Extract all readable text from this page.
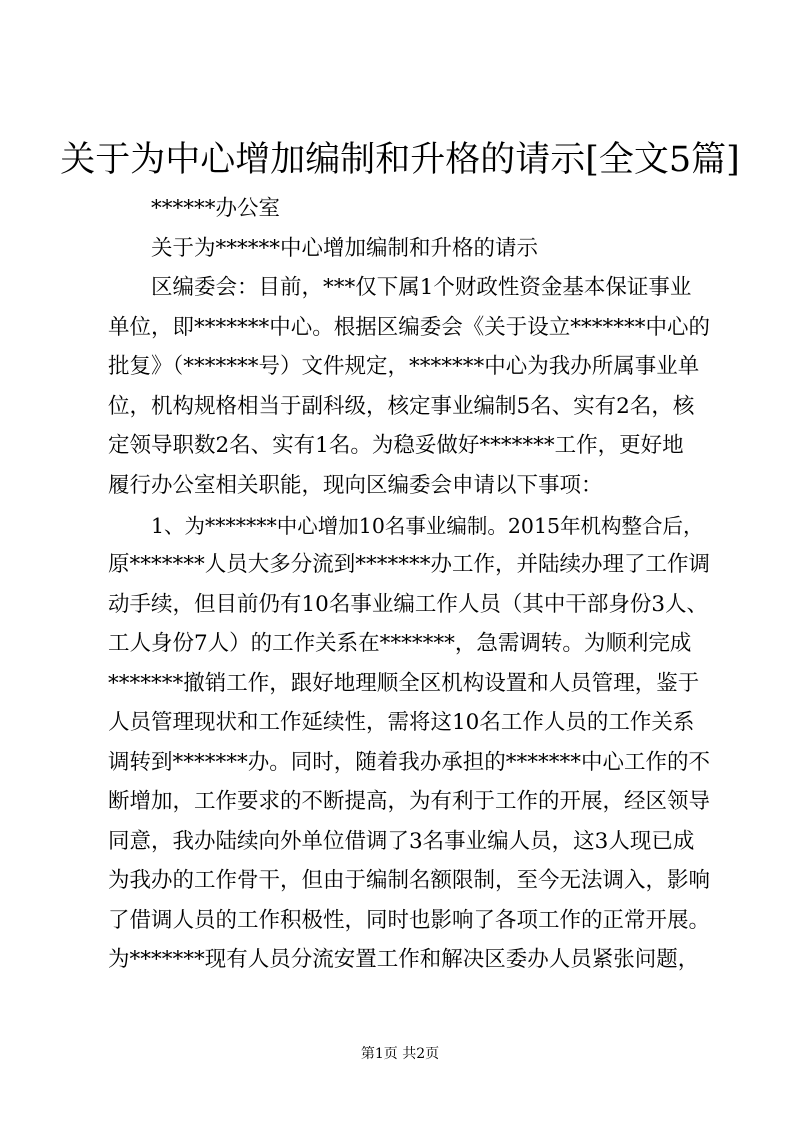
关于为中心增加编制和升格的请示[全文5篇]
******办公室
关于为******中心增加编制和升格的请示
区编委会：目前，***仅下属1个财政性资金基本保证事业
单位，即*******中心。根据区编委会《关于设立*******中心的
批复》（*******号）文件规定，*******中心为我办所属事业单
位，机构规格相当于副科级，核定事业编制5名、实有2名，核
定领导职数2名、实有1名。为稳妥做好*******工作，更好地
履行办公室相关职能，现向区编委会申请以下事项：
1、为*******中心增加10名事业编制。2015年机构整合后，
原*******人员大多分流到*******办工作，并陆续办理了工作调
动手续，但目前仍有10名事业编工作人员（其中干部身份3人、
工人身份7人）的工作关系在*******，急需调转。为顺利完成
*******撤销工作，跟好地理顺全区机构设置和人员管理，鉴于
人员管理现状和工作延续性，需将这10名工作人员的工作关系
调转到*******办。同时，随着我办承担的*******中心工作的不
断增加，工作要求的不断提高，为有利于工作的开展，经区领导
同意，我办陆续向外单位借调了3名事业编人员，这3人现已成
为我办的工作骨干，但由于编制名额限制，至今无法调入，影响
了借调人员的工作积极性，同时也影响了各项工作的正常开展。
为*******现有人员分流安置工作和解决区委办人员紧张问题，
第1页 共2页
